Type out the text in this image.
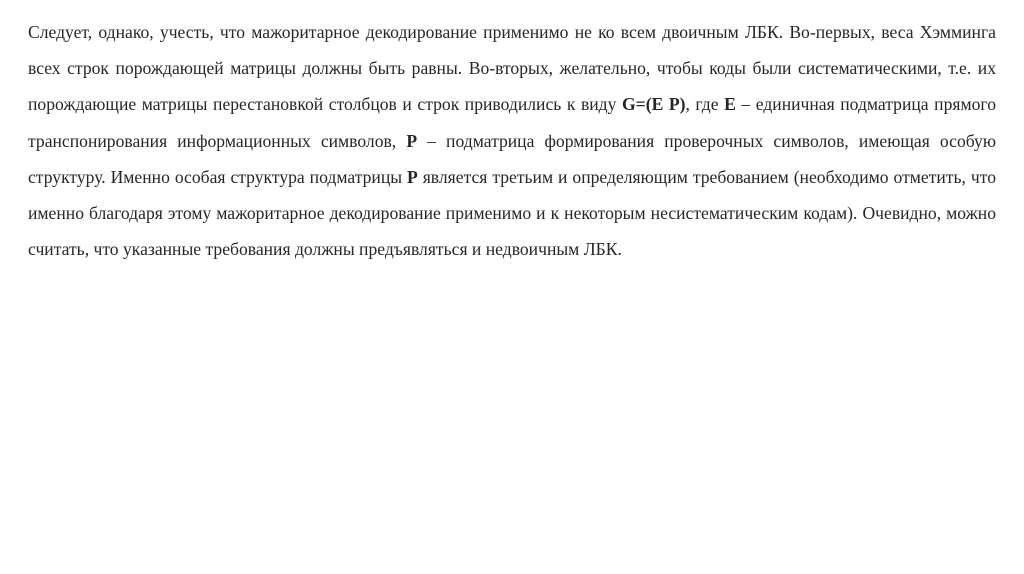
Следует, однако, учесть, что мажоритарное декодирование применимо не ко всем двоичным ЛБК. Во-первых, веса Хэмминга всех строк порождающей матрицы должны быть равны. Во-вторых, желательно, чтобы коды были систематическими, т.е. их порождающие матрицы перестановкой столбцов и строк приводились к виду G=(E P), где E – единичная подматрица прямого транспонирования информационных символов, P – подматрица формирования проверочных символов, имеющая особую структуру. Именно особая структура подматрицы P является третьим и определяющим требованием (необходимо отметить, что именно благодаря этому мажоритарное декодирование применимо и к некоторым несистематическим кодам). Очевидно, можно считать, что указанные требования должны предъявляться и недвоичным ЛБК.
